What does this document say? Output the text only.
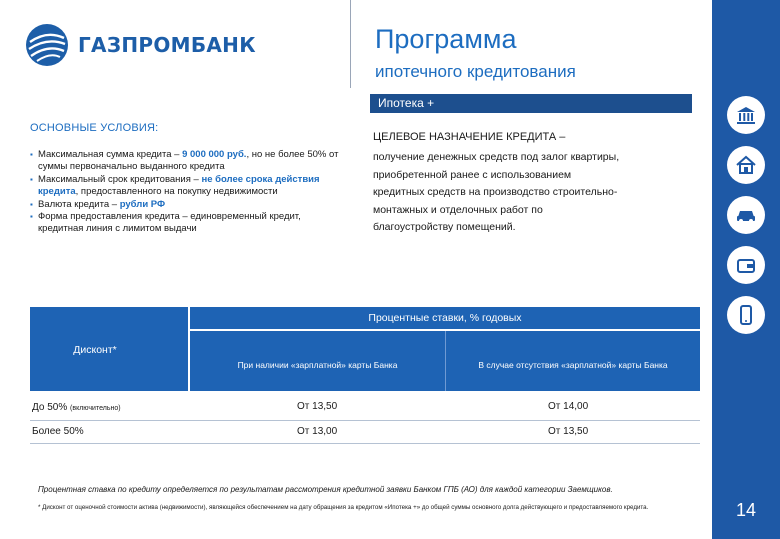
ГАЗПРОМБАНК	Программа
ипотечного кредитования
Ипотека +
14
ОСНОВНЫЕ УСЛОВИЯ:
▪ Максимальная сумма кредита – 9 000 000 руб., но не более 50% от суммы первоначально выданного кредита
▪ Максимальный срок кредитования – не более срока действия кредита, предоставленного на покупку недвижимости
▪ Валюта кредита – рубли РФ
▪ Форма предоставления кредита – единовременный кредит, кредитная линия с лимитом выдачи
ЦЕЛЕВОЕ НАЗНАЧЕНИЕ КРЕДИТА –
получение денежных средств под залог квартиры, приобретенной ранее с использованием кредитных средств на производство строительно-монтажных и отделочных работ по благоустройству помещений.
Дисконт*
Процентные ставки, % годовых
При наличии «зарплатной» карты Банка	В случае отсутствия «зарплатной» карты Банка
До 50% (включительно)	От 13,50	От 14,00
Более 50%	От 13,00	От 13,50
Процентная ставка по кредиту определяется по результатам рассмотрения кредитной заявки Банком ГПБ (АО) для каждой категории Заемщиков.
* Дисконт от оценочной стоимости актива (недвижимости), являющейся обеспечением на дату обращения за кредитом «Ипотека +» до общей суммы основного долга действующего и предоставляемого кредита.
